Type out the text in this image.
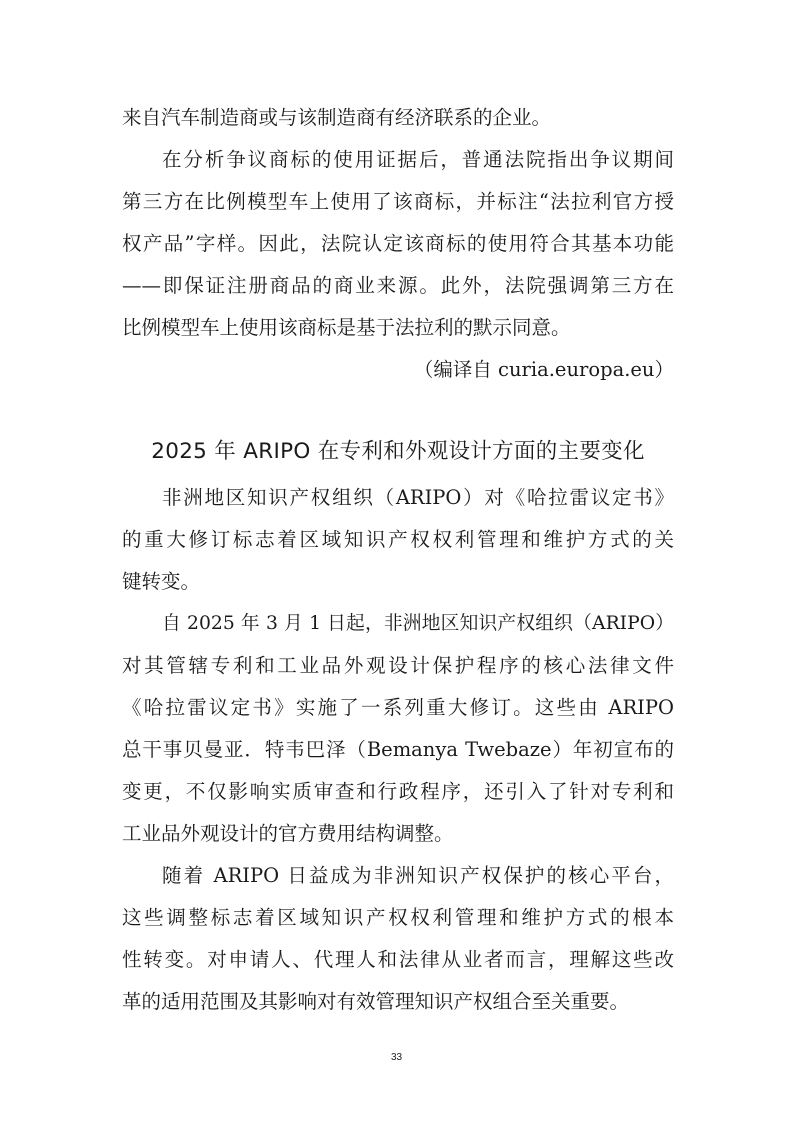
来自汽车制造商或与该制造商有经济联系的企业。
在分析争议商标的使用证据后，普通法院指出争议期间
第三方在比例模型车上使用了该商标，并标注“法拉利官方授
权产品”字样。因此，法院认定该商标的使用符合其基本功能
——即保证注册商品的商业来源。此外，法院强调第三方在
比例模型车上使用该商标是基于法拉利的默示同意。
（编译自 curia.europa.eu）
2025 年 ARIPO 在专利和外观设计方面的主要变化
非洲地区知识产权组织（ARIPO）对《哈拉雷议定书》
的重大修订标志着区域知识产权权利管理和维护方式的关
键转变。
自 2025 年 3 月 1 日起，非洲地区知识产权组织（ARIPO）
对其管辖专利和工业品外观设计保护程序的核心法律文件
《哈拉雷议定书》实施了一系列重大修订。这些由 ARIPO
总干事贝曼亚．特韦巴泽（Bemanya Twebaze）年初宣布的
变更，不仅影响实质审查和行政程序，还引入了针对专利和
工业品外观设计的官方费用结构调整。
随着 ARIPO 日益成为非洲知识产权保护的核心平台，
这些调整标志着区域知识产权权利管理和维护方式的根本
性转变。对申请人、代理人和法律从业者而言，理解这些改
革的适用范围及其影响对有效管理知识产权组合至关重要。
33
